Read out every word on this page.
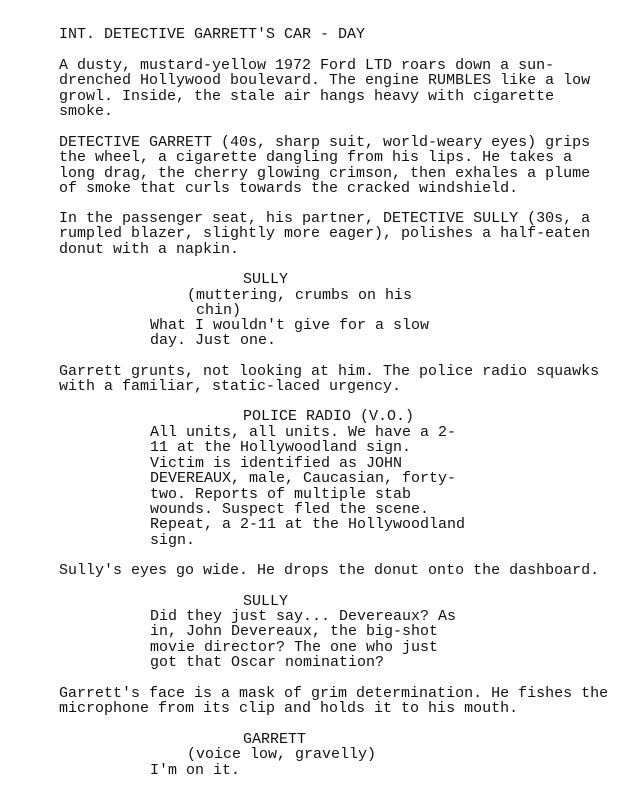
INT. DETECTIVE GARRETT'S CAR - DAY

A dusty, mustard-yellow 1972 Ford LTD roars down a sun-
drenched Hollywood boulevard. The engine RUMBLES like a low
growl. Inside, the stale air hangs heavy with cigarette
smoke.

DETECTIVE GARRETT (40s, sharp suit, world-weary eyes) grips
the wheel, a cigarette dangling from his lips. He takes a
long drag, the cherry glowing crimson, then exhales a plume
of smoke that curls towards the cracked windshield.

In the passenger seat, his partner, DETECTIVE SULLY (30s, a
rumpled blazer, slightly more eager), polishes a half-eaten
donut with a napkin.

SULLY

(muttering, crumbs on his
chin)

What I wouldn't give for a slow
day. Just one.

Garrett grunts, not looking at him. The police radio squawks
with a familiar, static-laced urgency.

POLICE RADIO (V.O.)

All units, all units. We have a 2-
11 at the Hollywoodland sign.
Victim is identified as JOHN
DEVEREAUX, male, Caucasian, forty-
two. Reports of multiple stab
wounds. Suspect fled the scene.
Repeat, a 2-11 at the Hollywoodland
sign.

Sully's eyes go wide. He drops the donut onto the dashboard.

SULLY

Did they just say... Devereaux? As
in, John Devereaux, the big-shot
movie director? The one who just
got that Oscar nomination?

Garrett's face is a mask of grim determination. He fishes the
microphone from its clip and holds it to his mouth.

GARRETT

(voice low, gravelly)

I'm on it.
